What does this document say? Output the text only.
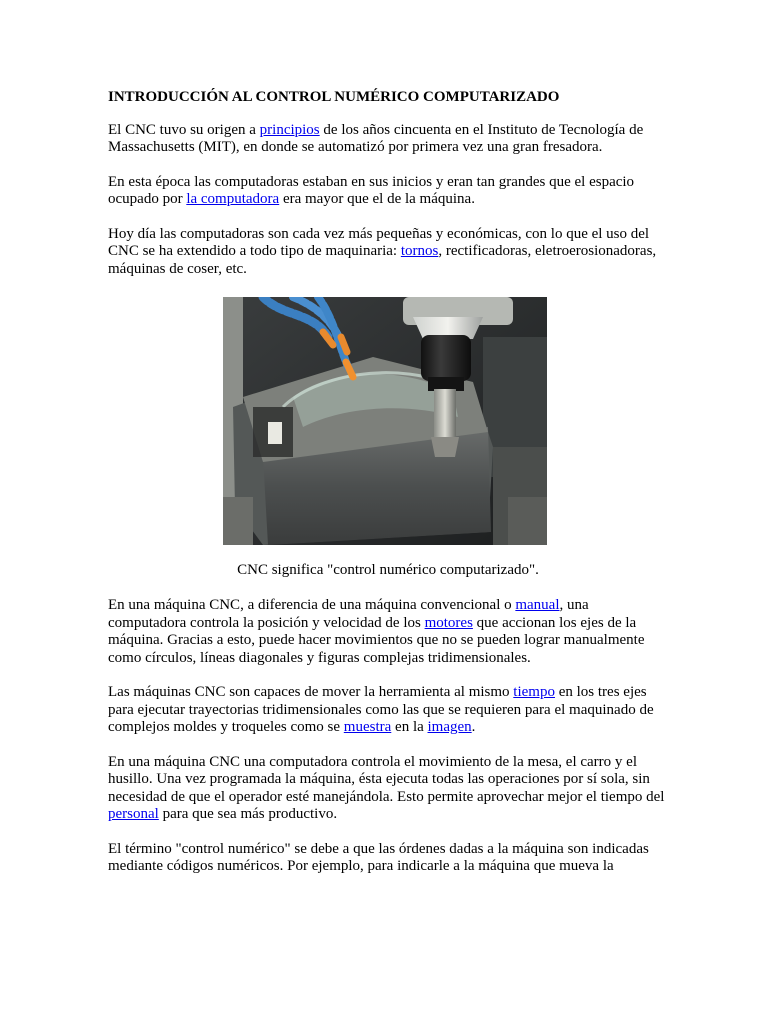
INTRODUCCIÓN AL CONTROL NUMÉRICO COMPUTARIZADO

El CNC tuvo su origen a principios de los años cincuenta en el Instituto de Tecnología de Massachusetts (MIT), en donde se automatizó por primera vez una gran fresadora.

En esta época las computadoras estaban en sus inicios y eran tan grandes que el espacio ocupado por la computadora era mayor que el de la máquina.

Hoy día las computadoras son cada vez más pequeñas y económicas, con lo que el uso del CNC se ha extendido a todo tipo de maquinaria: tornos, rectificadoras, eletroerosionadoras, máquinas de coser, etc.

CNC significa "control numérico computarizado".

En una máquina CNC, a diferencia de una máquina convencional o manual, una computadora controla la posición y velocidad de los motores que accionan los ejes de la máquina. Gracias a esto, puede hacer movimientos que no se pueden lograr manualmente como círculos, líneas diagonales y figuras complejas tridimensionales.

Las máquinas CNC son capaces de mover la herramienta al mismo tiempo en los tres ejes para ejecutar trayectorias tridimensionales como las que se requieren para el maquinado de complejos moldes y troqueles como se muestra en la imagen.

En una máquina CNC una computadora controla el movimiento de la mesa, el carro y el husillo. Una vez programada la máquina, ésta ejecuta todas las operaciones por sí sola, sin necesidad de que el operador esté manejándola. Esto permite aprovechar mejor el tiempo del personal para que sea más productivo.

El término "control numérico" se debe a que las órdenes dadas a la máquina son indicadas mediante códigos numéricos. Por ejemplo, para indicarle a la máquina que mueva la
